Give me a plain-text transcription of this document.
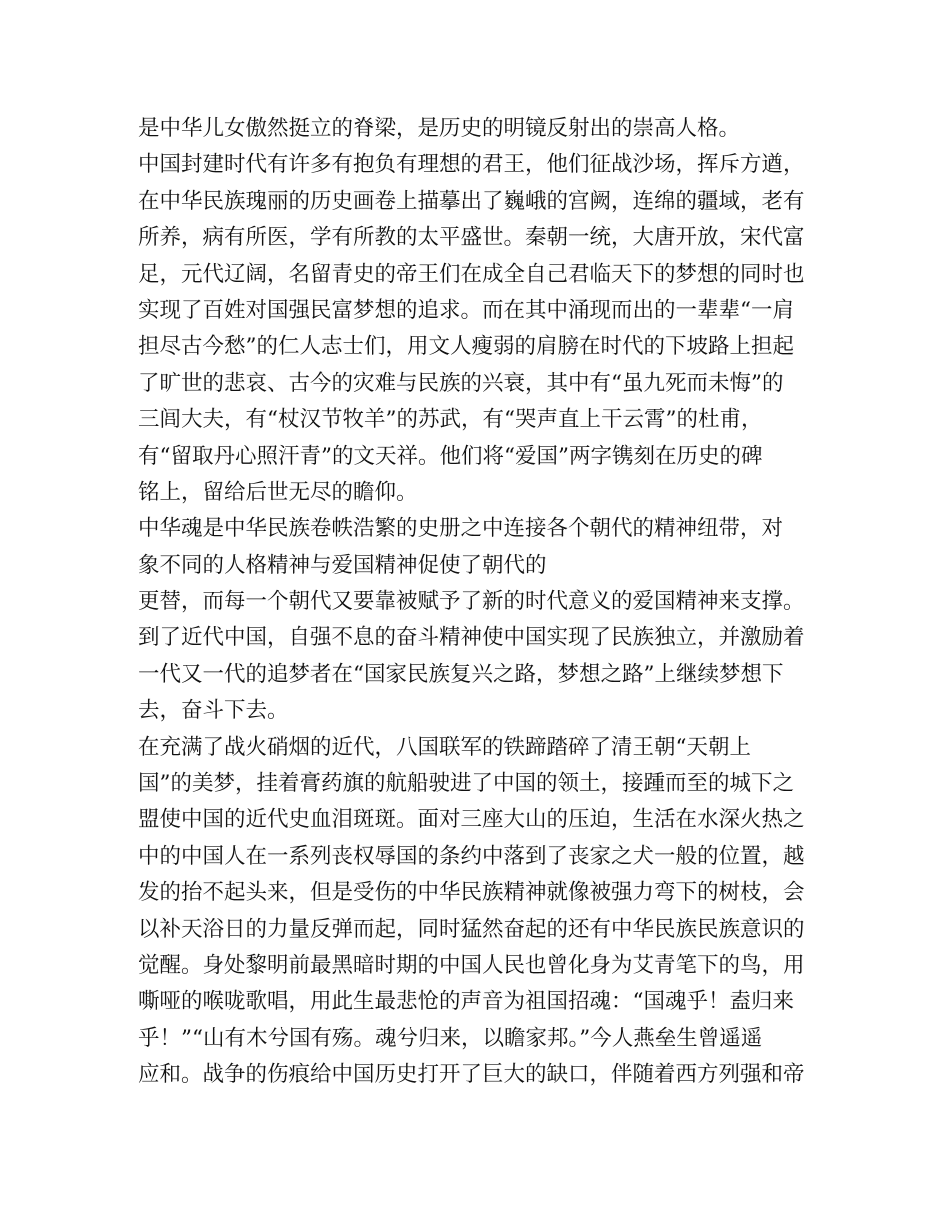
是中华儿女傲然挺立的脊梁，是历史的明镜反射出的崇高人格。
中国封建时代有许多有抱负有理想的君王，他们征战沙场，挥斥方遒，
在中华民族瑰丽的历史画卷上描摹出了巍峨的宫阙，连绵的疆域，老有
所养，病有所医，学有所教的太平盛世。秦朝一统，大唐开放，宋代富
足，元代辽阔，名留青史的帝王们在成全自己君临天下的梦想的同时也
实现了百姓对国强民富梦想的追求。而在其中涌现而出的一辈辈“一肩
担尽古今愁”的仁人志士们，用文人瘦弱的肩膀在时代的下坡路上担起
了旷世的悲哀、古今的灾难与民族的兴衰，其中有“虽九死而未悔”的
三闾大夫，有“杖汉节牧羊”的苏武，有“哭声直上干云霄”的杜甫，
有“留取丹心照汗青”的文天祥。他们将“爱国”两字镌刻在历史的碑
铭上，留给后世无尽的瞻仰。
中华魂是中华民族卷帙浩繁的史册之中连接各个朝代的精神纽带，对
象不同的人格精神与爱国精神促使了朝代的
更替，而每一个朝代又要靠被赋予了新的时代意义的爱国精神来支撑。
到了近代中国，自强不息的奋斗精神使中国实现了民族独立，并激励着
一代又一代的追梦者在“国家民族复兴之路，梦想之路”上继续梦想下
去，奋斗下去。
在充满了战火硝烟的近代，八国联军的铁蹄踏碎了清王朝“天朝上
国”的美梦，挂着膏药旗的航船驶进了中国的领土，接踵而至的城下之
盟使中国的近代史血泪斑斑。面对三座大山的压迫，生活在水深火热之
中的中国人在一系列丧权辱国的条约中落到了丧家之犬一般的位置，越
发的抬不起头来，但是受伤的中华民族精神就像被强力弯下的树枝，会
以补天浴日的力量反弹而起，同时猛然奋起的还有中华民族民族意识的
觉醒。身处黎明前最黑暗时期的中国人民也曾化身为艾青笔下的鸟，用
嘶哑的喉咙歌唱，用此生最悲怆的声音为祖国招魂：“国魂乎！盍归来
乎！”“山有木兮国有殇。魂兮归来，以瞻家邦。”今人燕垒生曾遥遥
应和。战争的伤痕给中国历史打开了巨大的缺口，伴随着西方列强和帝
